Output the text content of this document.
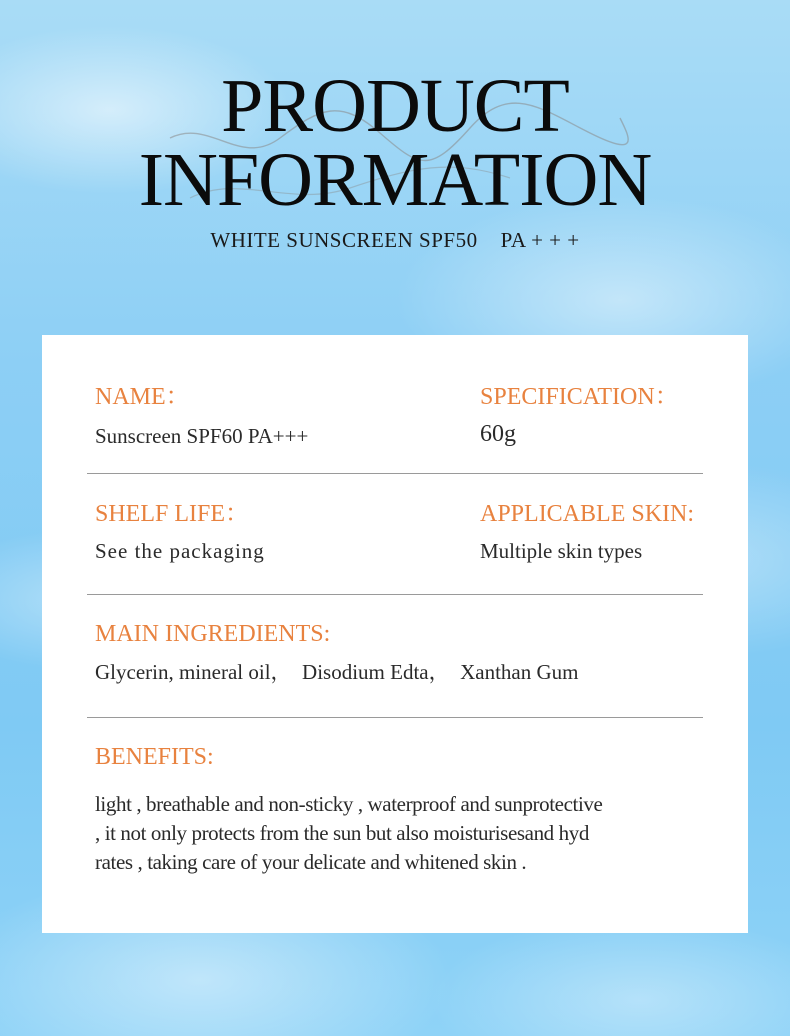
PRODUCT
INFORMATION

WHITE SUNSCREEN SPF50    PA + + +

NAME：

Sunscreen SPF60 PA+++

SPECIFICATION：

60g

SHELF LIFE：

See the packaging

APPLICABLE SKIN:

Multiple skin types

MAIN INGREDIENTS:

Glycerin, mineral oil，  Disodium Edta，  Xanthan Gum

BENEFITS:

light , breathable and non-sticky , waterproof and sunprotective
, it not only protects from the sun but also moisturisesand hyd
rates , taking care of your delicate and whitened skin .
